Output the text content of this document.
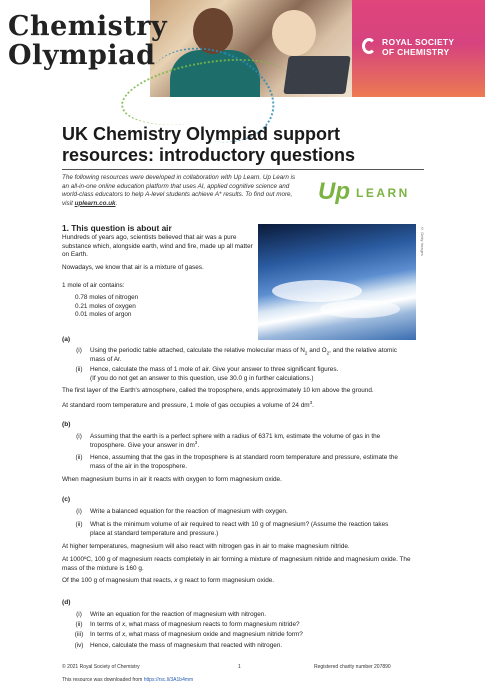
Chemistry
Olympiad	ROYAL SOCIETY
OF CHEMISTRY
UK Chemistry Olympiad support
resources: introductory questions
The following resources were developed in collaboration with Up Learn. Up Learn is an all-in-one online education platform that uses AI, applied cognitive science and world-class educators to help A-level students achieve A* results. To find out more, visit uplearn.co.uk.	Up LEARN
1. This question is about air
Hundreds of years ago, scientists believed that air was a pure substance which, alongside earth, wind and fire, made up all matter on Earth.
Nowadays, we know that air is a mixture of gases.
1 mole of air contains:
0.78 moles of nitrogen
0.21 moles of oxygen
0.01 moles of argon
© Getty Images
(a)
(i)	Using the periodic table attached, calculate the relative molecular mass of $N_2$ and $O_2$, and the relative atomic mass of Ar.
(ii)	Hence, calculate the mass of 1 mole of air. Give your answer to three significant figures.
(If you do not get an answer to this question, use 30.0 g in further calculations.)
The first layer of the Earth's atmosphere, called the troposphere, ends approximately 10 km above the ground.
At standard room temperature and pressure, 1 mole of gas occupies a volume of 24 $dm^3$.
(b)
(i)	Assuming that the earth is a perfect sphere with a radius of 6371 km, estimate the volume of gas in the troposphere. Give your answer in $dm^3$.
(ii)	Hence, assuming that the gas in the troposphere is at standard room temperature and pressure, estimate the mass of the air in the troposphere.
When magnesium burns in air it reacts with oxygen to form magnesium oxide.
(c)
(i)	Write a balanced equation for the reaction of magnesium with oxygen.
(ii)	What is the minimum volume of air required to react with 10 g of magnesium? (Assume the reaction takes place at standard temperature and pressure.)
At higher temperatures, magnesium will also react with nitrogen gas in air to make magnesium nitride.
At 1000ºC, 100 g of magnesium reacts completely in air forming a mixture of magnesium nitride and magnesium oxide. The mass of the mixture is 160 g.
Of the 100 g of magnesium that reacts, x g react to form magnesium oxide.
(d)
(i)	Write an equation for the reaction of magnesium with nitrogen.
(ii)	In terms of x, what mass of magnesium reacts to form magnesium nitride?
(iii)	In terms of x, what mass of magnesium oxide and magnesium nitride form?
(iv)	Hence, calculate the mass of magnesium that reacted with nitrogen.
© 2021 Royal Society of Chemistry	1	Registered charity number 207890
This resource was downloaded from https://rsc.li/3A1b4mm
